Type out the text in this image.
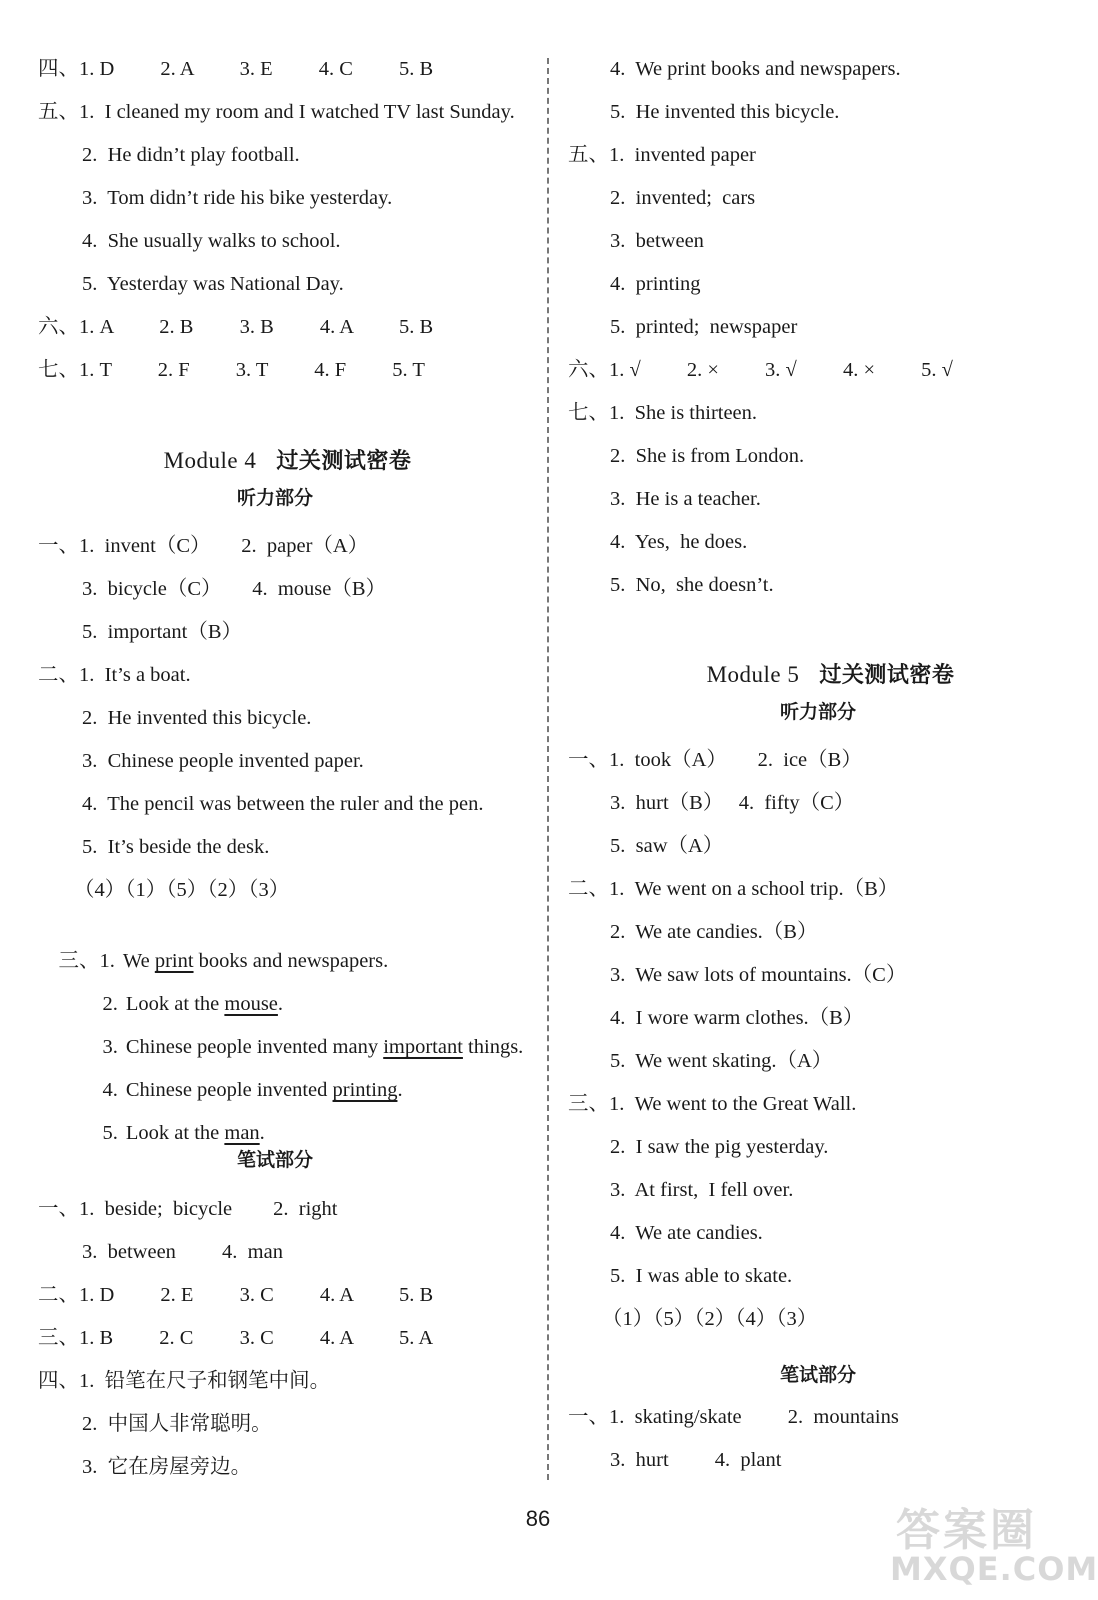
四、1. D　　 2. A　　 3. E　　 4. C　　 5. B
五、1.  I cleaned my room and I watched TV last Sunday.
2.  He didn’t play football.
3.  Tom didn’t ride his bike yesterday.
4.  She usually walks to school.
5.  Yesterday was National Day.
六、1. A　　 2. B　　 3. B　　 4. A　　 5. B
七、1. T　　 2. F　　 3. T　　 4. F　　 5. T

Module 4 过关测试密卷

听力部分
一、1.  invent（C）　　2.  paper（A）
3.  bicycle（C）　　4.  mouse（B）
5.  important（B）
二、1.  It’s a boat.
2.  He invented this bicycle.
3.  Chinese people invented paper.
4.  The pencil was between the ruler and the pen.
5.  It’s beside the desk.
（4）（1）（5）（2）（3）

三、1. We print books and newspapers.

2. Look at the mouse.

3. Chinese people invented many important things.

4. Chinese people invented printing.

5. Look at the man.

笔试部分
一、1.  beside;  bicycle　　2.  right
3.  between　　 4.  man
二、1. D　　 2. E　　 3. C　　 4. A　　 5. B
三、1. B　　 2. C　　 3. C　　 4. A　　 5. A
四、1.  铅笔在尺子和钢笔中间。
2.  中国人非常聪明。
3.  它在房屋旁边。
4.  We print books and newspapers.
5.  He invented this bicycle.
五、1.  invented paper
2.  invented;  cars
3.  between
4.  printing
5.  printed;  newspaper
六、1. √　　 2. ×　　 3. √　　 4. ×　　 5. √
七、1.  She is thirteen.
2.  She is from London.
3.  He is a teacher.
4.  Yes,  he does.
5.  No,  she doesn’t.

Module 5 过关测试密卷

听力部分
一、1.  took（A）　　2.  ice（B）
3.  hurt（B）　 4.  fifty（C）
5.  saw（A）
二、1.  We went on a school trip.（B）
2.  We ate candies.（B）
3.  We saw lots of mountains.（C）
4.  I wore warm clothes.（B）
5.  We went skating.（A）
三、1.  We went to the Great Wall.
2.  I saw the pig yesterday.
3.  At first,  I fell over.
4.  We ate candies.
5.  I was able to skate.
（1）（5）（2）（4）（3）
笔试部分
一、1.  skating/skate　　 2.  mountains
3.  hurt　　 4.  plant
86	答案圈
MXQE.COM
